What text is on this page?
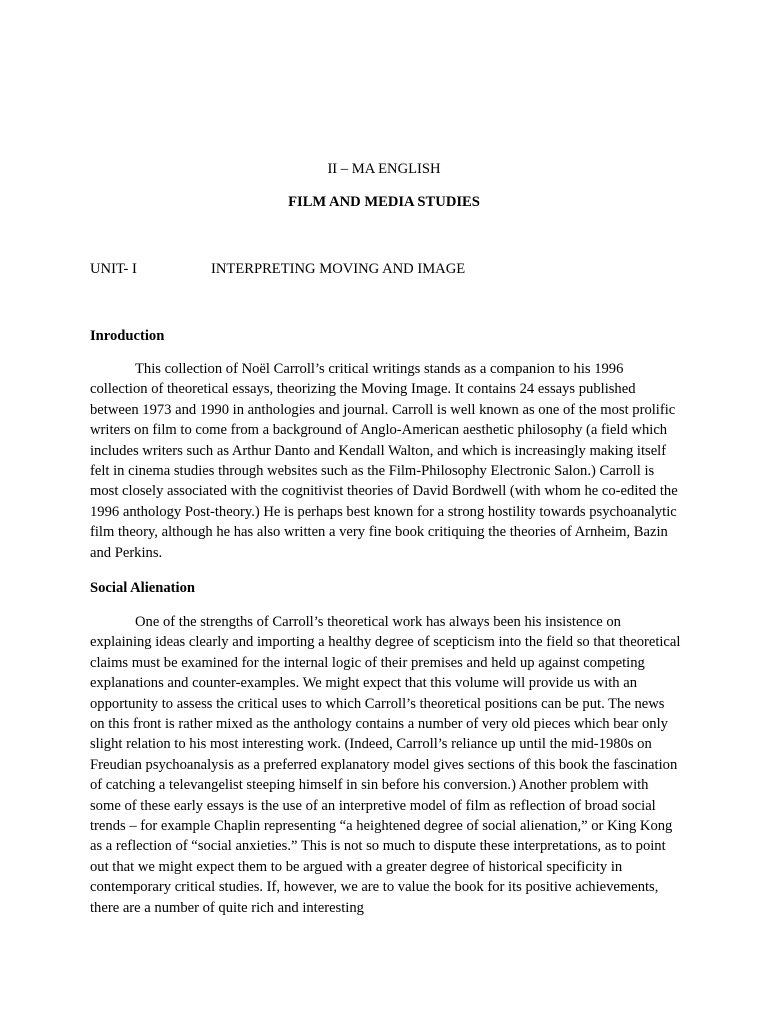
II – MA ENGLISH
FILM AND MEDIA STUDIES
UNIT- I	INTERPRETING MOVING AND IMAGE
Inroduction

This collection of Noël Carroll’s critical writings stands as a companion to his 1996 collection of theoretical essays, theorizing the Moving Image. It contains 24 essays published between 1973 and 1990 in anthologies and journal. Carroll is well known as one of the most prolific writers on film to come from a background of Anglo-American aesthetic philosophy (a field which includes writers such as Arthur Danto and Kendall Walton, and which is increasingly making itself felt in cinema studies through websites such as the Film-Philosophy Electronic Salon.) Carroll is most closely associated with the cognitivist theories of David Bordwell (with whom he co-edited the 1996 anthology Post-theory.) He is perhaps best known for a strong hostility towards psychoanalytic film theory, although he has also written a very fine book critiquing the theories of Arnheim, Bazin and Perkins.

Social Alienation

One of the strengths of Carroll’s theoretical work has always been his insistence on explaining ideas clearly and importing a healthy degree of scepticism into the field so that theoretical claims must be examined for the internal logic of their premises and held up against competing explanations and counter-examples. We might expect that this volume will provide us with an opportunity to assess the critical uses to which Carroll’s theoretical positions can be put. The news on this front is rather mixed as the anthology contains a number of very old pieces which bear only slight relation to his most interesting work. (Indeed, Carroll’s reliance up until the mid-1980s on Freudian psychoanalysis as a preferred explanatory model gives sections of this book the fascination of catching a televangelist steeping himself in sin before his conversion.) Another problem with some of these early essays is the use of an interpretive model of film as reflection of broad social trends – for example Chaplin representing “a heightened degree of social alienation,” or King Kong as a reflection of “social anxieties.” This is not so much to dispute these interpretations, as to point out that we might expect them to be argued with a greater degree of historical specificity in contemporary critical studies. If, however, we are to value the book for its positive achievements, there are a number of quite rich and interesting
